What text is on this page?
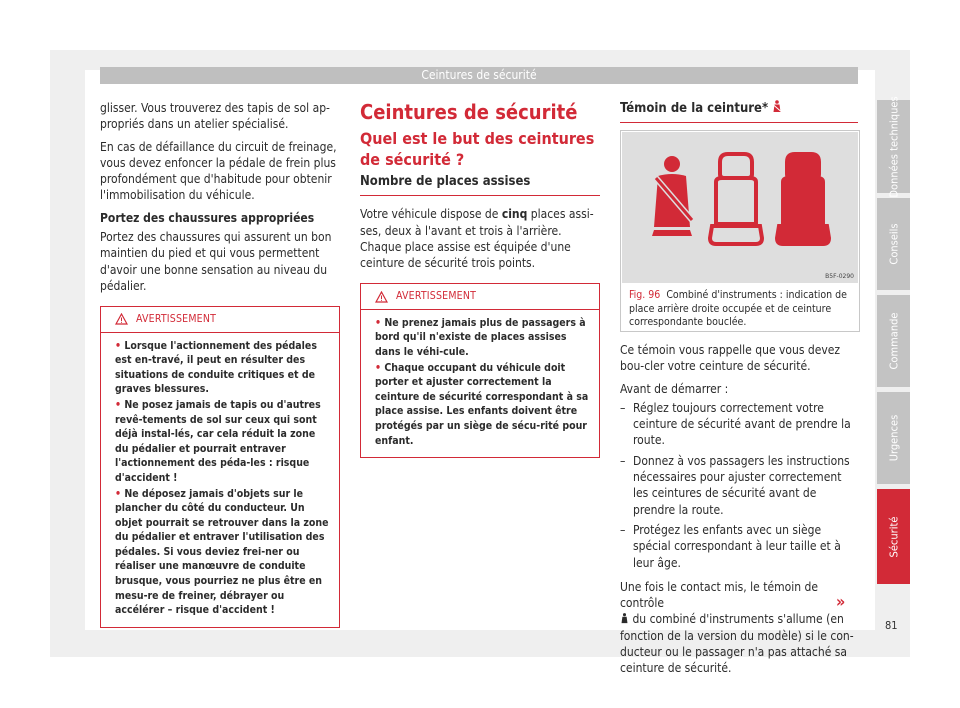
Ceintures de sécurité

glisser. Vous trouverez des tapis de sol ap-
propriés dans un atelier spécialisé.

En cas de défaillance du circuit de freinage, vous devez enfoncer la pédale de frein plus profondément que d'habitude pour obtenir l'immobilisation du véhicule.

Portez des chaussures appropriées

Portez des chaussures qui assurent un bon maintien du pied et qui vous permettent d'avoir une bonne sensation au niveau du pédalier.

AVERTISSEMENT
• Lorsque l'actionnement des pédales est en-travé, il peut en résulter des situations de conduite critiques et de graves blessures.
• Ne posez jamais de tapis ou d'autres revê-tements de sol sur ceux qui sont déjà instal-lés, car cela réduit la zone du pédalier et pourrait entraver l'actionnement des péda-les : risque d'accident !
• Ne déposez jamais d'objets sur le plancher du côté du conducteur. Un objet pourrait se retrouver dans la zone du pédalier et entraver l'utilisation des pédales. Si vous deviez frei-ner ou réaliser une manœuvre de conduite brusque, vous pourriez ne plus être en mesu-re de freiner, débrayer ou accélérer – risque d'accident !
Ceintures de sécurité
Quel est le but des ceintures de sécurité ?
Nombre de places assises

Votre véhicule dispose de cinq places assi-ses, deux à l'avant et trois à l'arrière. Chaque place assise est équipée d'une ceinture de sécurité trois points.

AVERTISSEMENT
• Ne prenez jamais plus de passagers à bord qu'il n'existe de places assises dans le véhi-cule.
• Chaque occupant du véhicule doit porter et ajuster correctement la ceinture de sécurité correspondant à sa place assise. Les enfants doivent être protégés par un siège de sécu-rité pour enfant.
Témoin de la ceinture*
B5F-0290
Fig. 96 Combiné d'instruments : indication de place arrière droite occupée et de ceinture correspondante bouclée.

Ce témoin vous rappelle que vous devez bou-cler votre ceinture de sécurité.

Avant de démarrer :

– Réglez toujours correctement votre ceinture de sécurité avant de prendre la route.
– Donnez à vos passagers les instructions nécessaires pour ajuster correctement les ceintures de sécurité avant de prendre la route.
– Protégez les enfants avec un siège spécial correspondant à leur taille et à leur âge.

Une fois le contact mis, le témoin de contrôle
du combiné d'instruments s'allume (en fonction de la version du modèle) si le con-ducteur ou le passager n'a pas attaché sa ceinture de sécurité.

»
Données techniques
Conseils
Commande
Urgences
Sécurité
81
